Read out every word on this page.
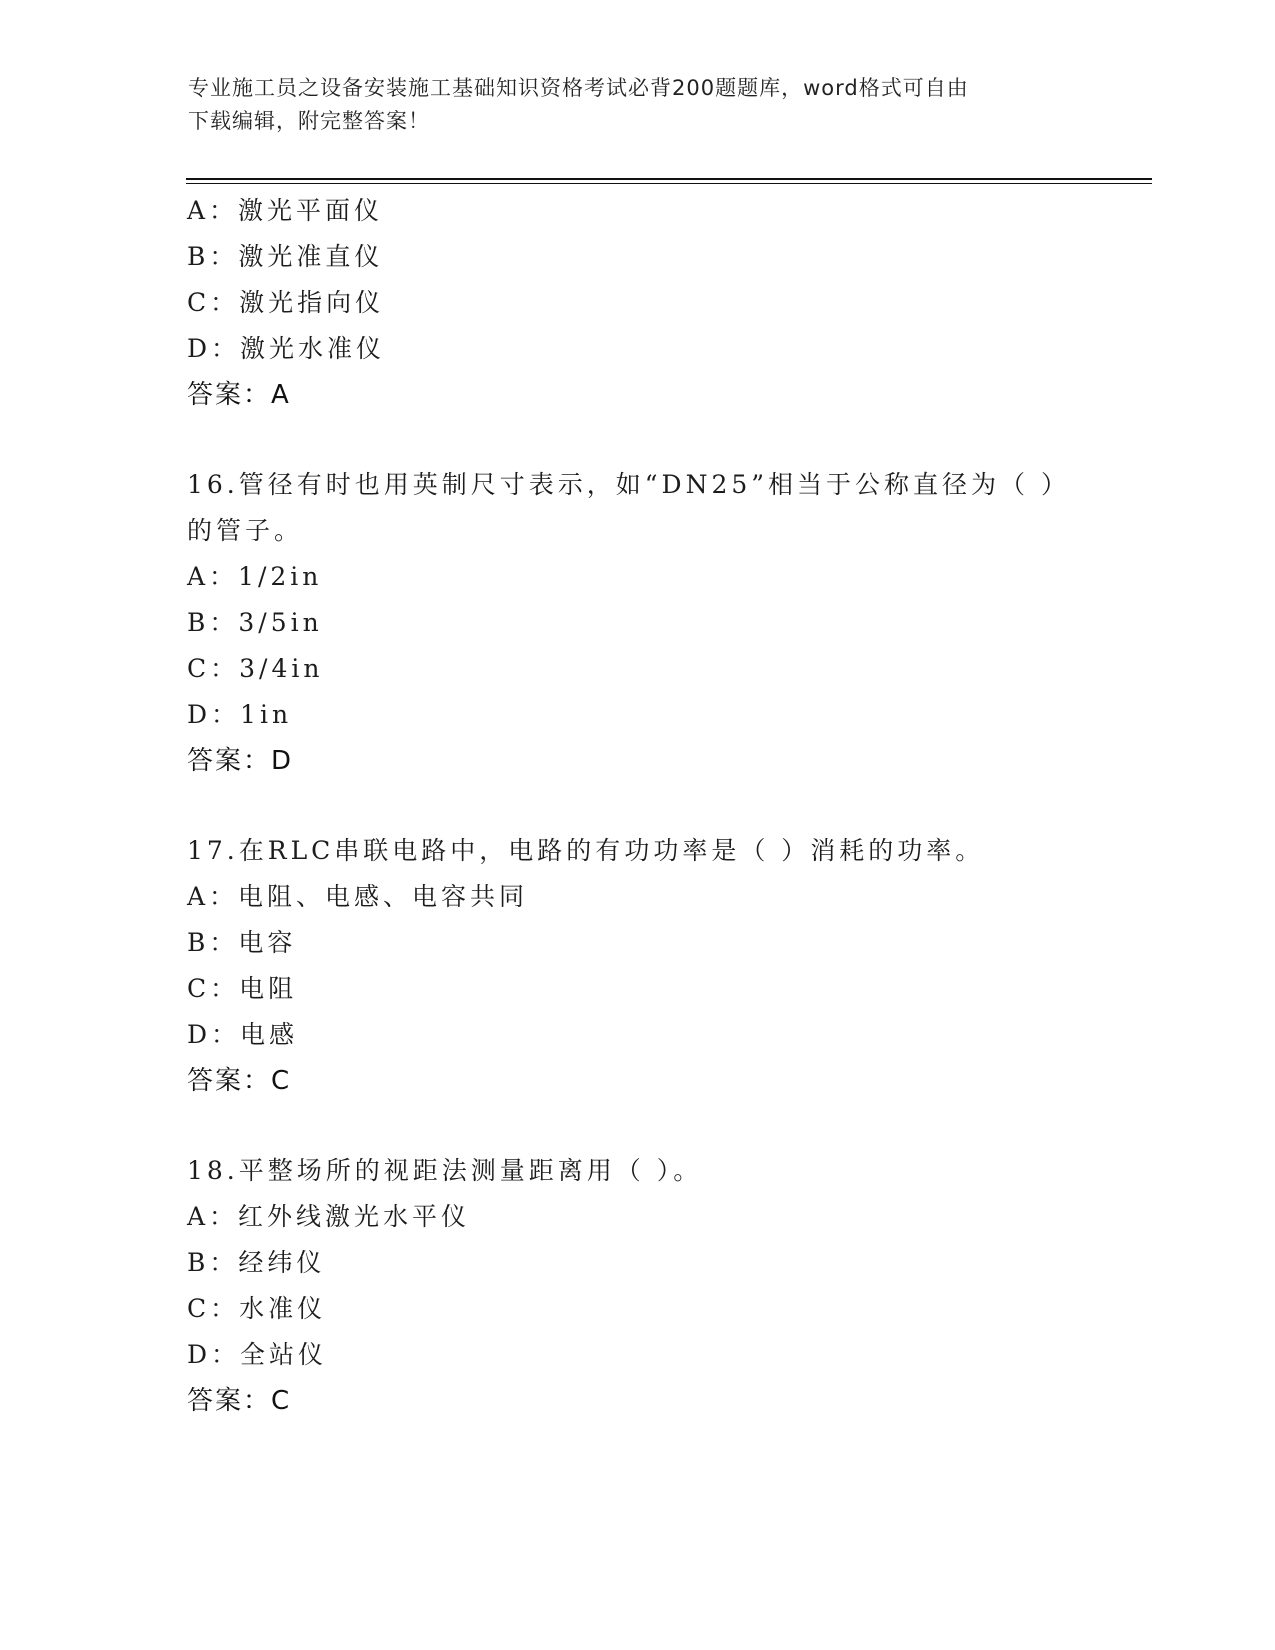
专业施工员之设备安装施工基础知识资格考试必背200题题库，word格式可自由
下载编辑，附完整答案！
A：激光平面仪
B：激光准直仪
C：激光指向仪
D：激光水准仪
答案：A
16.管径有时也用英制尺寸表示，如“DN25”相当于公称直径为（ ）
的管子。
A：1/2in
B：3/5in
C：3/4in
D：1in
答案：D
17.在RLC串联电路中，电路的有功功率是（ ）消耗的功率。
A：电阻、电感、电容共同
B：电容
C：电阻
D：电感
答案：C
18.平整场所的视距法测量距离用（ ）。
A：红外线激光水平仪
B：经纬仪
C：水准仪
D：全站仪
答案：C
